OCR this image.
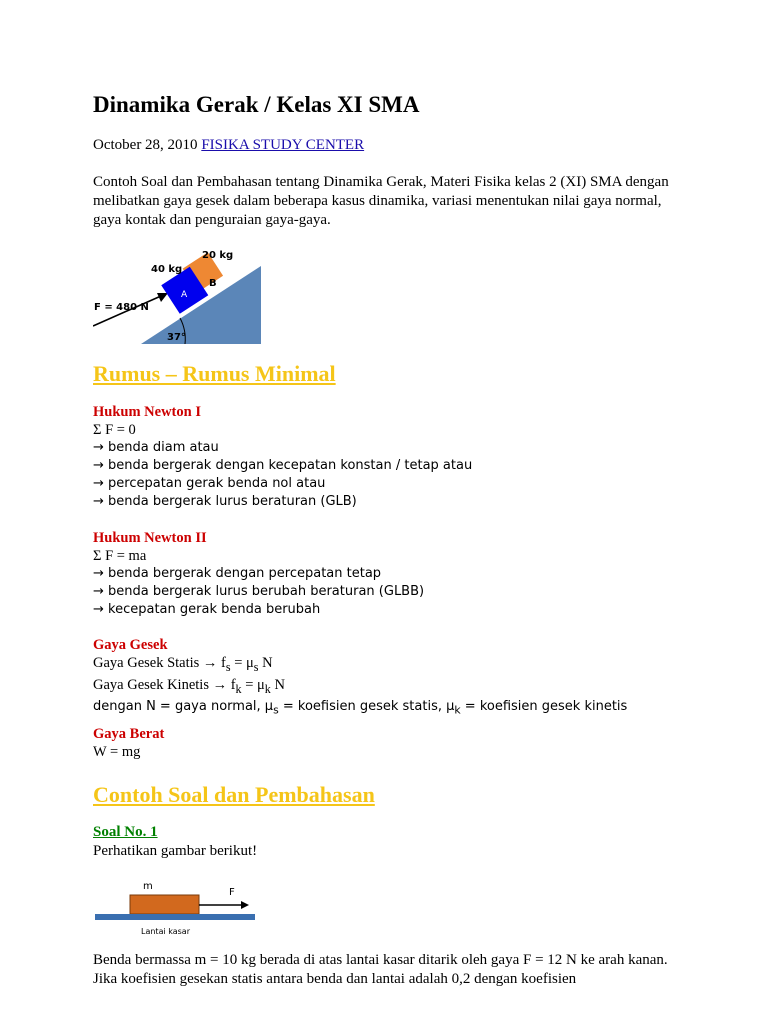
Dinamika Gerak / Kelas XI SMA
October 28, 2010 FISIKA STUDY CENTER
Contoh Soal dan Pembahasan tentang Dinamika Gerak, Materi Fisika kelas 2 (XI) SMA dengan melibatkan gaya gesek dalam beberapa kasus dinamika, variasi menentukan nilai gaya normal, gaya kontak dan penguraian gaya-gaya.
A
B
40 kg
20 kg
F = 480 N
37°
Rumus – Rumus Minimal
Hukum Newton I
Σ F = 0
→ benda diam atau
→ benda bergerak dengan kecepatan konstan / tetap atau
→ percepatan gerak benda nol atau
→ benda bergerak lurus beraturan (GLB)
Hukum Newton II
Σ F = ma
→ benda bergerak dengan percepatan tetap
→ benda bergerak lurus berubah beraturan (GLBB)
→ kecepatan gerak benda berubah
Gaya Gesek
Gaya Gesek Statis → $f_s = \mu_s$ N
Gaya Gesek Kinetis → $f_k = \mu_k$ N
dengan N = gaya normal, $\mu_s$ = koefisien gesek statis, $\mu_k$ = koefisien gesek kinetis
Gaya Berat
W = mg
Contoh Soal dan Pembahasan
Soal No. 1
Perhatikan gambar berikut!
m
F
Lantai kasar
Benda bermassa m = 10 kg berada di atas lantai kasar ditarik oleh gaya F = 12 N ke arah kanan. Jika koefisien gesekan statis antara benda dan lantai adalah 0,2 dengan koefisien
